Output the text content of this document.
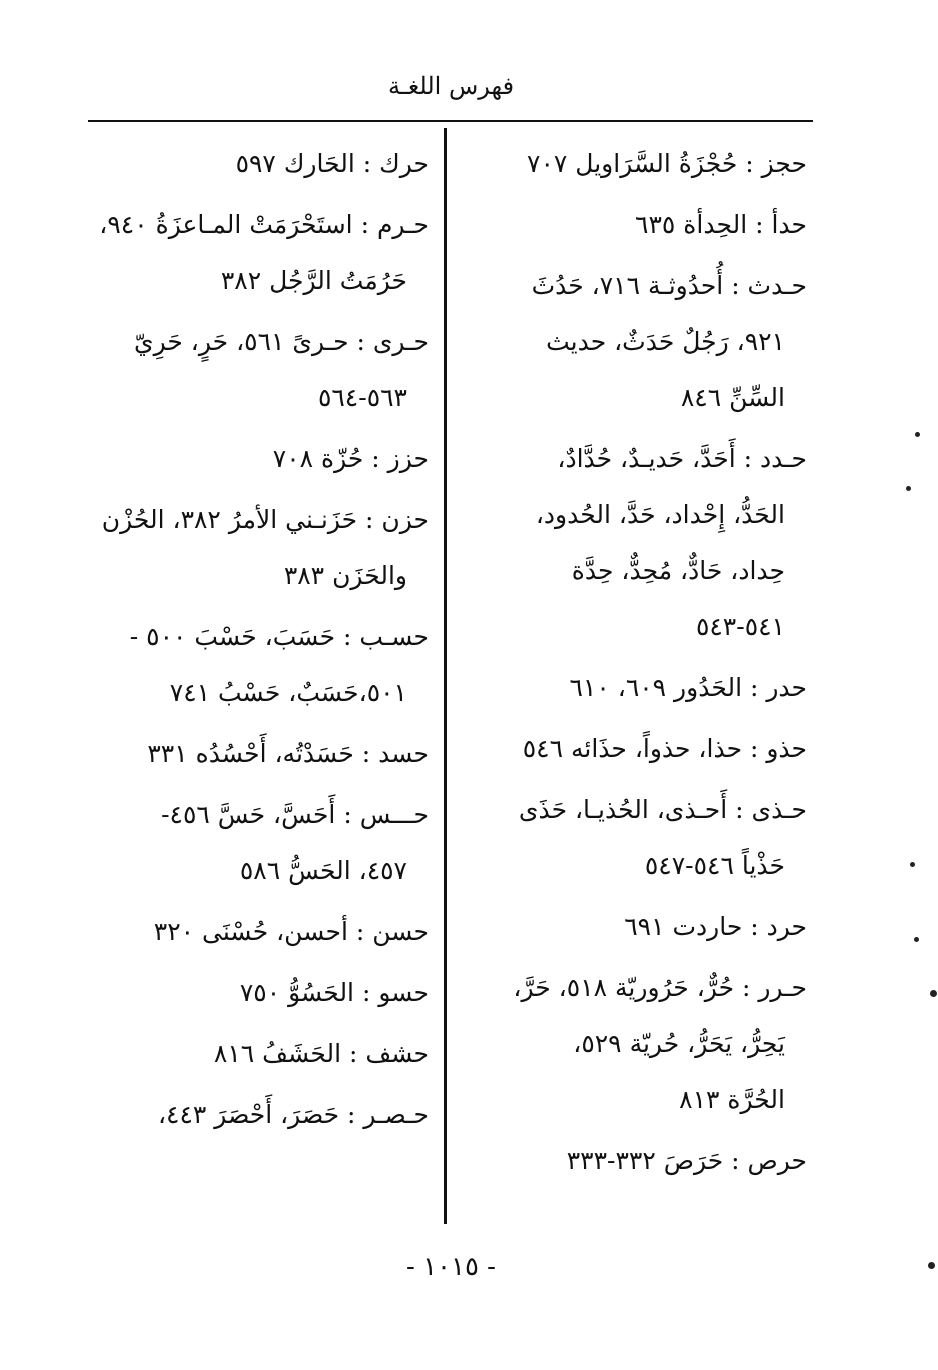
فهرس اللغـة
حجز : حُجْزَةُ السَّرَاويل ٧٠٧
حدأ : الحِدأة ٦٣٥
حـدث : أُحدُوثـة ٧١٦، حَدُثَ
٩٢١، رَجُلٌ حَدَثٌ، حديث
السِّنِّ ٨٤٦
حـدد : أَحَدَّ، حَديـدٌ، حُدَّادٌ،
الحَدُّ، إِحْداد، حَدَّ، الحُدود،
حِداد، حَادٌّ، مُحِدٌّ، حِدَّة
٥٤١-٥٤٣
حدر : الحَدُور ٦٠٩، ٦١٠
حذو : حذا، حذواً، حذَائه ٥٤٦
حـذى : أَحـذى، الحُذيـا، حَذَى
حَذْياً ٥٤٦-٥٤٧
حرد : حاردت ٦٩١
حـرر : حُرٌّ، حَرُوريّة ٥١٨، حَرَّ،
يَحِرُّ، يَحَرُّ، حُريّة ٥٢٩،
الحُرَّة ٨١٣
حرص : حَرَصَ ٣٣٢-٣٣٣
حرك : الحَارك ٥٩٧
حـرم : استَحْرَمَتْ المـاعزَةُ ٩٤٠،
حَرُمَتُ الرَّجُل ٣٨٢
حـرى : حـرىً ٥٦١، حَرٍ، حَرِيّ
٥٦٣-٥٦٤
حزز : حُزّة ٧٠٨
حزن : حَزَنـني الأمرُ ٣٨٢، الحُزْن
والحَزَن ٣٨٣
حسـب : حَسَبَ، حَسْبَ ٥٠٠ -
٥٠١،حَسَبٌ، حَسْبُ ٧٤١
حسد : حَسَدْتُه، أَحْسُدُه ٣٣١
حـــس : أَحَسَّ، حَسَّ ٤٥٦-
٤٥٧، الحَسُّ ٥٨٦
حسن : أحسن، حُسْنَى ٣٢٠
حسو : الحَسُوُّ ٧٥٠
حشف : الحَشَفُ ٨١٦
حـصـر : حَصَرَ، أَحْصَرَ ٤٤٣،
- ١٠١٥ -
